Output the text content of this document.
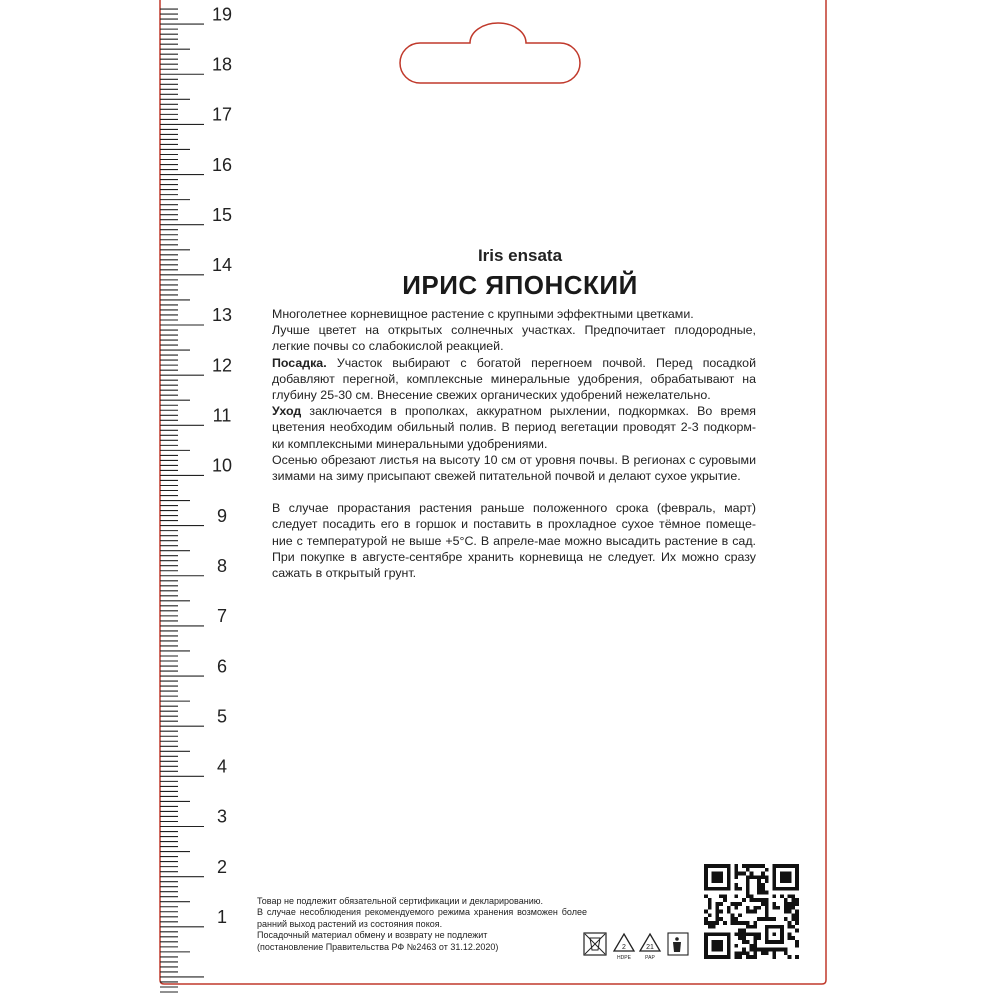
19
18
17
16
15
14
13
12
11
10
9
8
7
6
5
4
3
2
1
Iris ensata
ИРИС ЯПОНСКИЙ

Многолетнее корневищное растение с крупными эффектными цветками.

Лучше цветет на открытых солнечных участках. Предпочитает плодородные, легкие почвы со слабокислой реакцией.

Посадка. Участок выбирают с богатой перегноем почвой. Перед посадкой добавляют перегной, комплексные минеральные удобрения, обрабатывают на глубину 25-30 см. Внесение свежих органических удобрений нежелательно.

Уход заключается в прополках, аккуратном рыхлении, подкормках. Во время цветения необходим обильный полив. В период вегетации проводят 2-3 подкорм-ки комплексными минеральными удобрениями.

Осенью обрезают листья на высоту 10 см от уровня почвы. В регионах с суровыми зимами на зиму присыпают свежей питательной почвой и делают сухое укрытие.

В случае прорастания растения раньше положенного срока (февраль, март) следует посадить его в горшок и поставить в прохладное сухое тёмное помеще-ние с температурой не выше +5°С. В апреле-мае можно высадить растение в сад. При покупке в августе-сентябре хранить корневища не следует. Их можно сразу сажать в открытый грунт.

Товар не подлежит обязательной сертификации и декларированию.

В случае несоблюдения рекомендуемого режима хранения возможен более ранний выход растений из состояния покоя.

Посадочный материал обмену и возврату не подлежит

(постановление Правительства РФ №2463 от 31.12.2020)	2
HDPE
21
PAP
